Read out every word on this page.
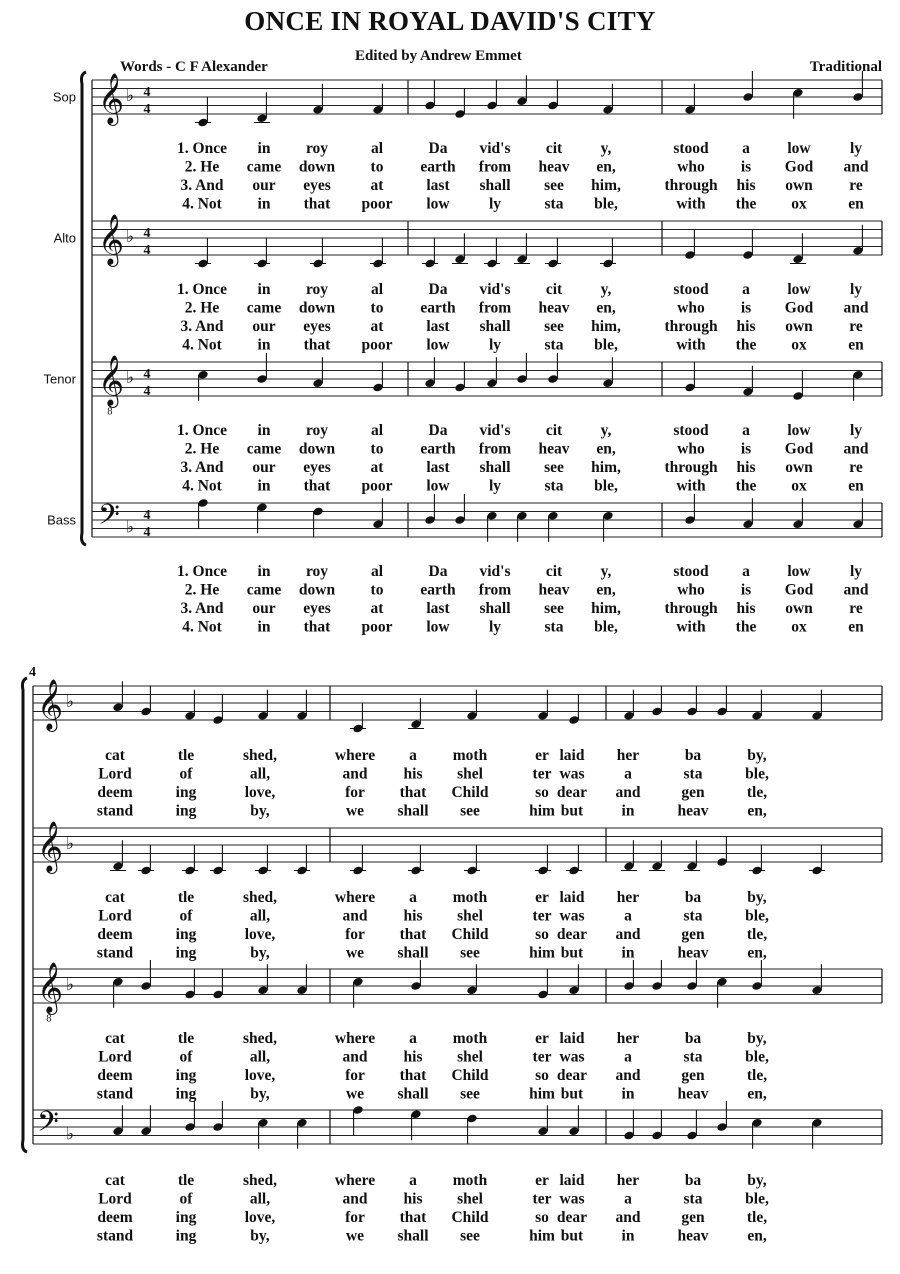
ONCE IN ROYAL DAVID'S CITY
Words - C F Alexander
Edited by Andrew Emmet
Traditional
Sop 𝄞 ♭ 4
4
1. Once in roy	al	Da vid's cit y,	stood a low	ly
2. He came down to earth from heav en,	who is God and
3. And our eyes	at	last shall see him,	through his own re
4. Not in that poor low	ly	sta ble,	with the ox	en
Alto 𝄞 ♭ 4
4
1. Once in roy	al	Da vid's cit y,	stood a low	ly
2. He came down to earth from heav en,	who is God and
3. And our eyes	at	last shall see him,	through his own re
4. Not in that poor low	ly	sta ble,	with the ox	en
Tenor 𝄞
8
♭ 4
4
1. Once in roy	al	Da vid's cit y,	stood a low	ly
2. He came down to earth from heav en,	who is God and
3. And our eyes	at	last shall see him,	through his own re
4. Not in that poor low	ly	sta ble,	with the ox	en
Bass 𝄢 ♭
4
4
1. Once in roy	al	Da vid's cit y,	stood a low	ly
2. He came down to earth from heav en,	who is God and
3. And our eyes	at	last shall see him,	through his own re
4. Not in that poor low	ly	sta ble,	with the ox	en
4
𝄞 ♭
cat	tle	shed,	where a moth	er laid her	ba	by,
Lord	of	all,	and his shel	ter was	a	sta	ble,
deem	ing	love,	for that Child	so dear and	gen	tle,
stand	ing	by,	we shall see	him but in	heav	en,
𝄞 ♭
cat	tle	shed,	where a moth	er laid her	ba	by,
Lord	of	all,	and his shel	ter was	a	sta	ble,
deem	ing	love,	for that Child	so dear and	gen	tle,
stand	ing	by,	we shall see	him but in	heav	en,
𝄞
8
♭
cat	tle	shed,	where a moth	er laid her	ba	by,
Lord	of	all,	and his shel	ter was	a	sta	ble,
deem	ing	love,	for that Child	so dear and	gen	tle,
stand	ing	by,	we shall see	him but in	heav	en,
𝄢 ♭
cat	tle	shed,	where a moth	er laid her	ba	by,
Lord	of	all,	and his shel	ter was	a	sta	ble,
deem	ing	love,	for that Child	so dear and	gen	tle,
stand	ing	by,	we shall see	him but in	heav	en,
